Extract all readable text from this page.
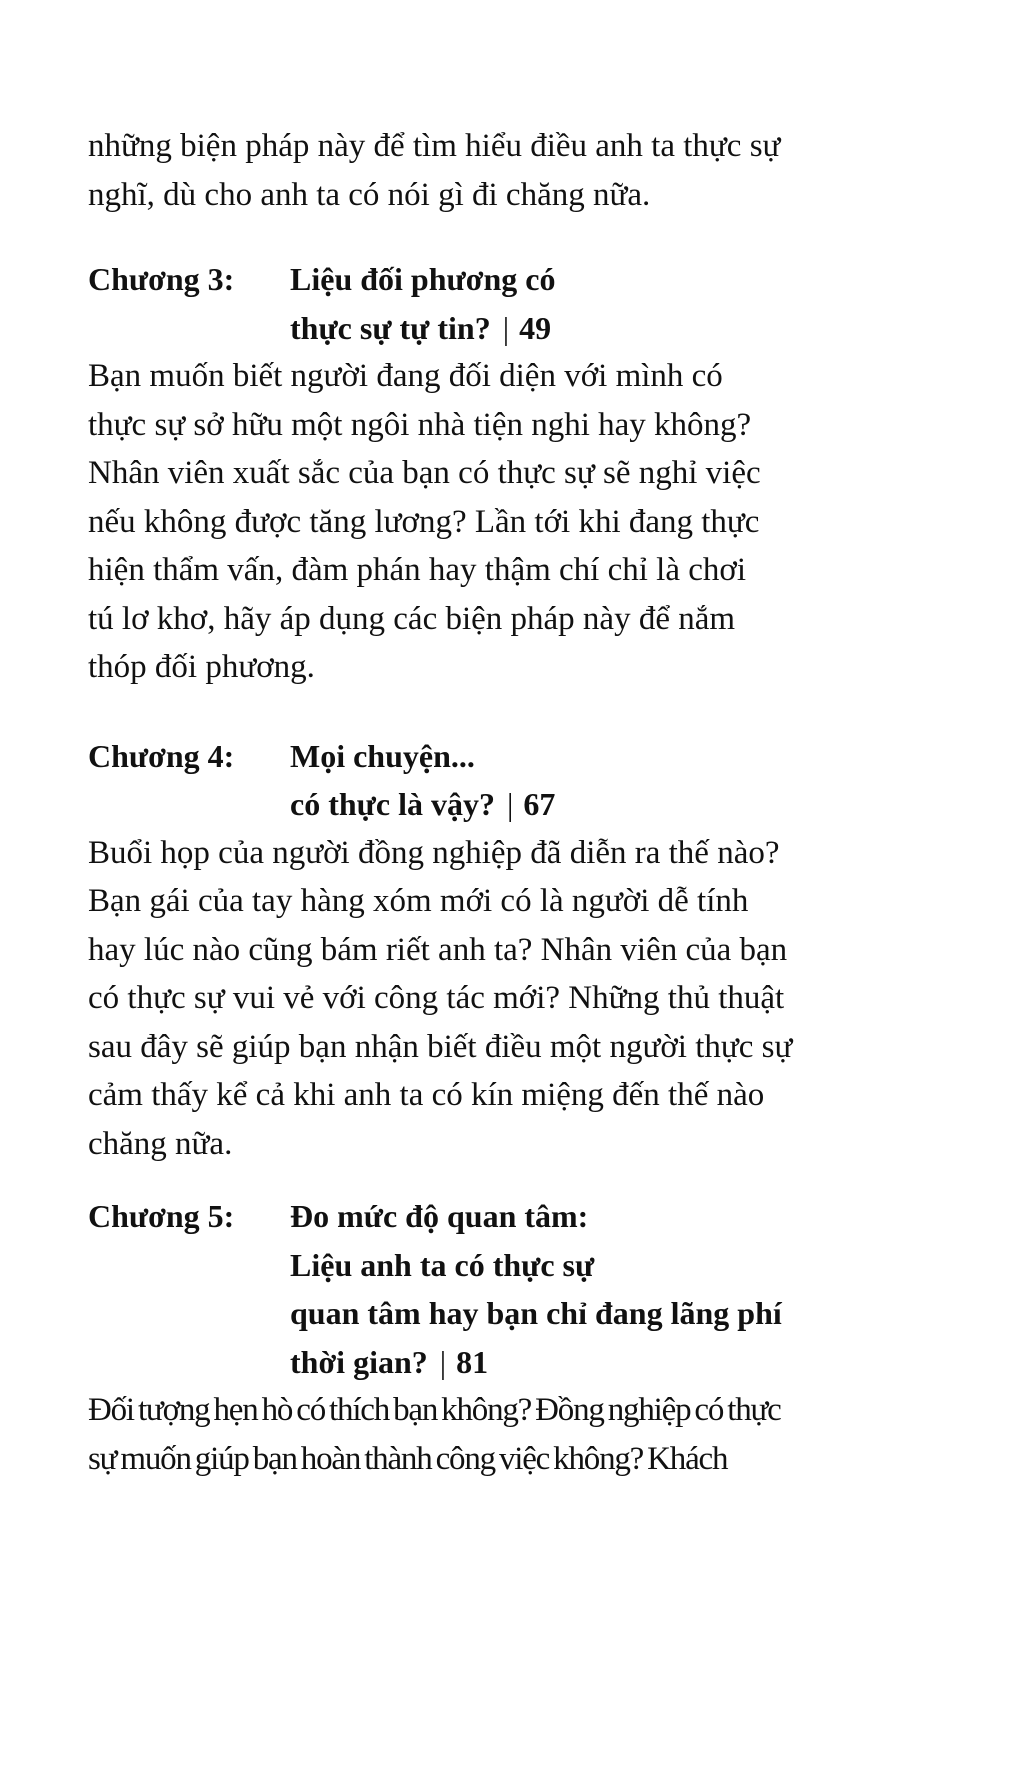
những biện pháp này để tìm hiểu điều anh ta thực sự
nghĩ, dù cho anh ta có nói gì đi chăng nữa.

Chương 3: Liệu đối phương có
thực sự tự tin? | 49

Bạn muốn biết người đang đối diện với mình có
thực sự sở hữu một ngôi nhà tiện nghi hay không?
Nhân viên xuất sắc của bạn có thực sự sẽ nghỉ việc
nếu không được tăng lương? Lần tới khi đang thực
hiện thẩm vấn, đàm phán hay thậm chí chỉ là chơi
tú lơ khơ, hãy áp dụng các biện pháp này để nắm
thóp đối phương.

Chương 4: Mọi chuyện...
có thực là vậy? | 67

Buổi họp của người đồng nghiệp đã diễn ra thế nào?
Bạn gái của tay hàng xóm mới có là người dễ tính
hay lúc nào cũng bám riết anh ta? Nhân viên của bạn
có thực sự vui vẻ với công tác mới? Những thủ thuật
sau đây sẽ giúp bạn nhận biết điều một người thực sự
cảm thấy kể cả khi anh ta có kín miệng đến thế nào
chăng nữa.

Chương 5: Đo mức độ quan tâm:
Liệu anh ta có thực sự
quan tâm hay bạn chỉ đang lãng phí
thời gian? | 81

Đối tượng hẹn hò có thích bạn không? Đồng nghiệp có thực
sự muốn giúp bạn hoàn thành công việc không? Khách
